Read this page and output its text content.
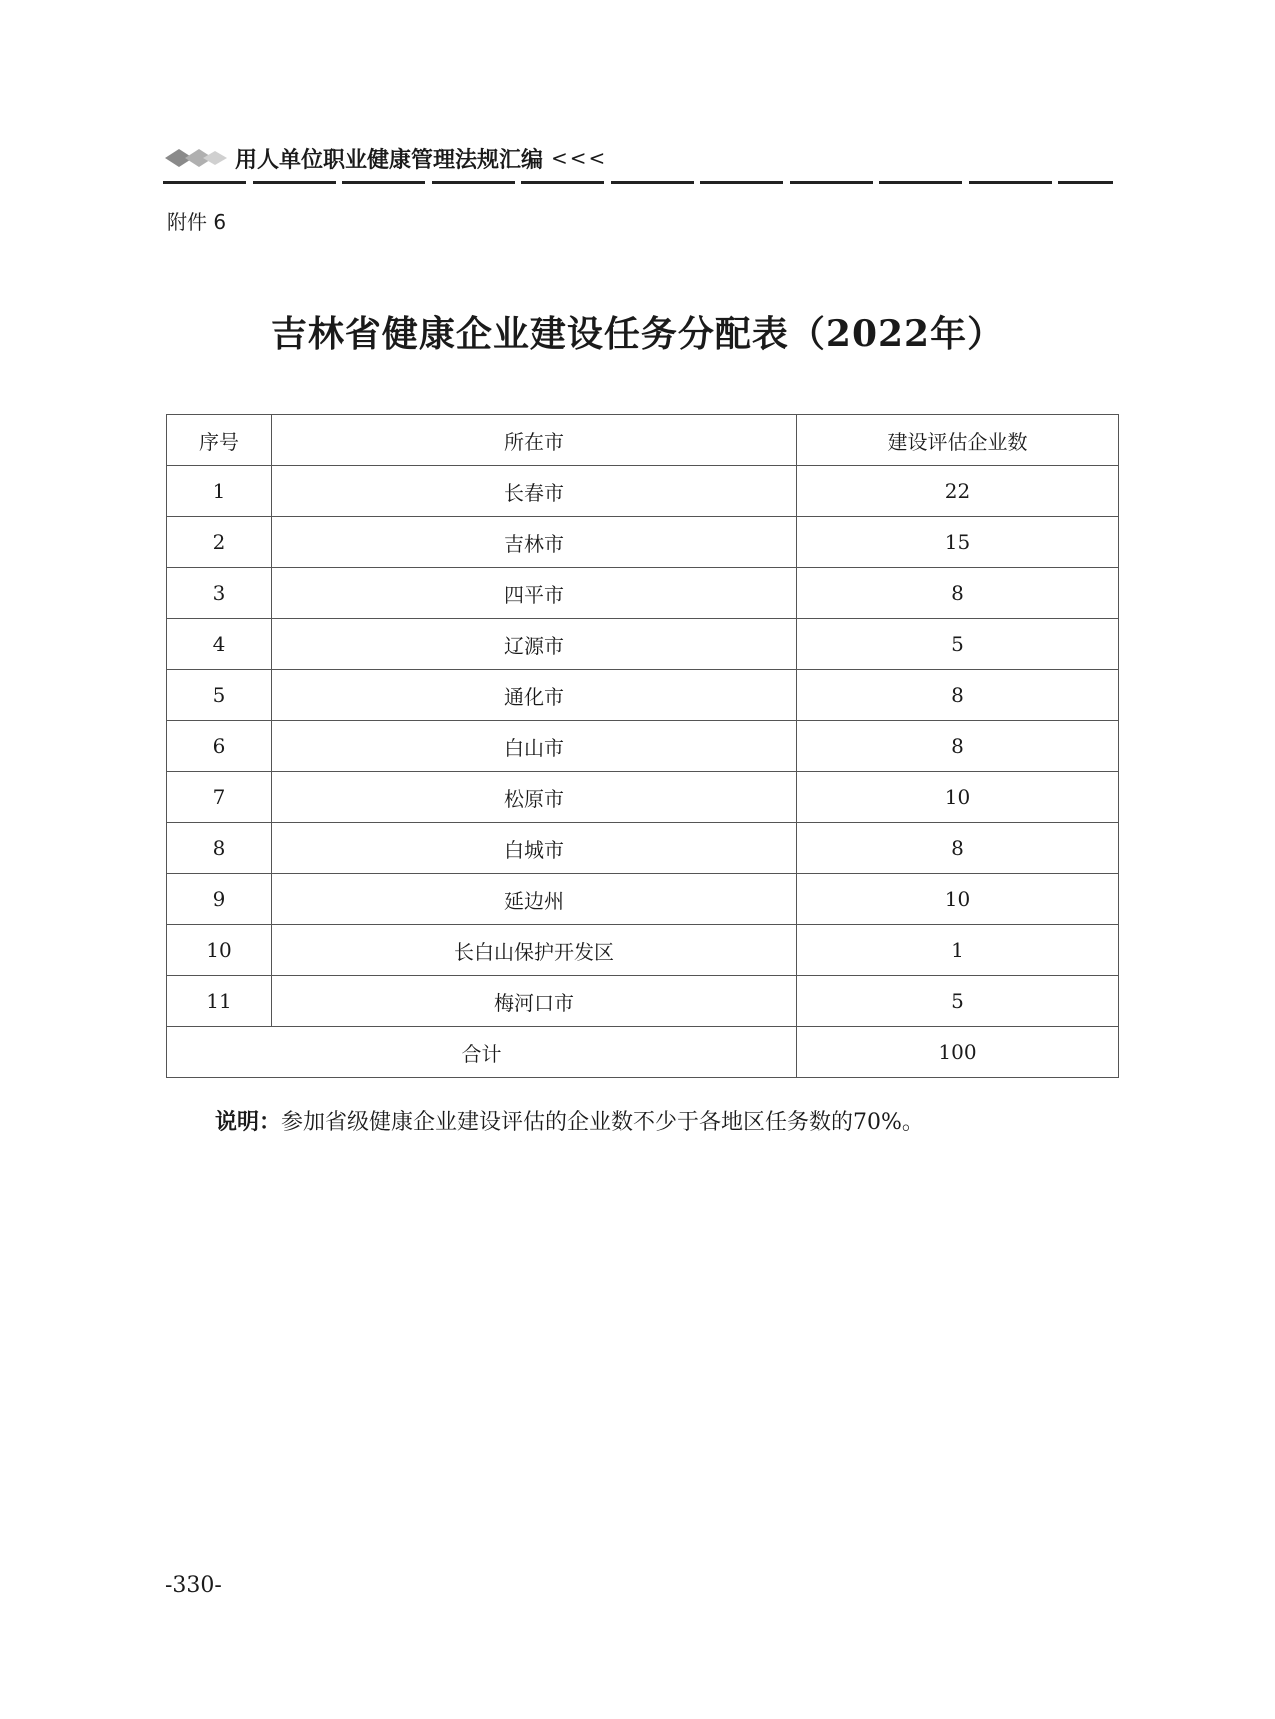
用人单位职业健康管理法规汇编 <<<
附件 6
吉林省健康企业建设任务分配表（2022年）
序号	所在市	建设评估企业数
1	长春市	22
2	吉林市	15
3	四平市	8
4	辽源市	5
5	通化市	8
6	白山市	8
7	松原市	10
8	白城市	8
9	延边州	10
10	长白山保护开发区	1
11	梅河口市	5
合计		100
说明：参加省级健康企业建设评估的企业数不少于各地区任务数的70%。
-330-
